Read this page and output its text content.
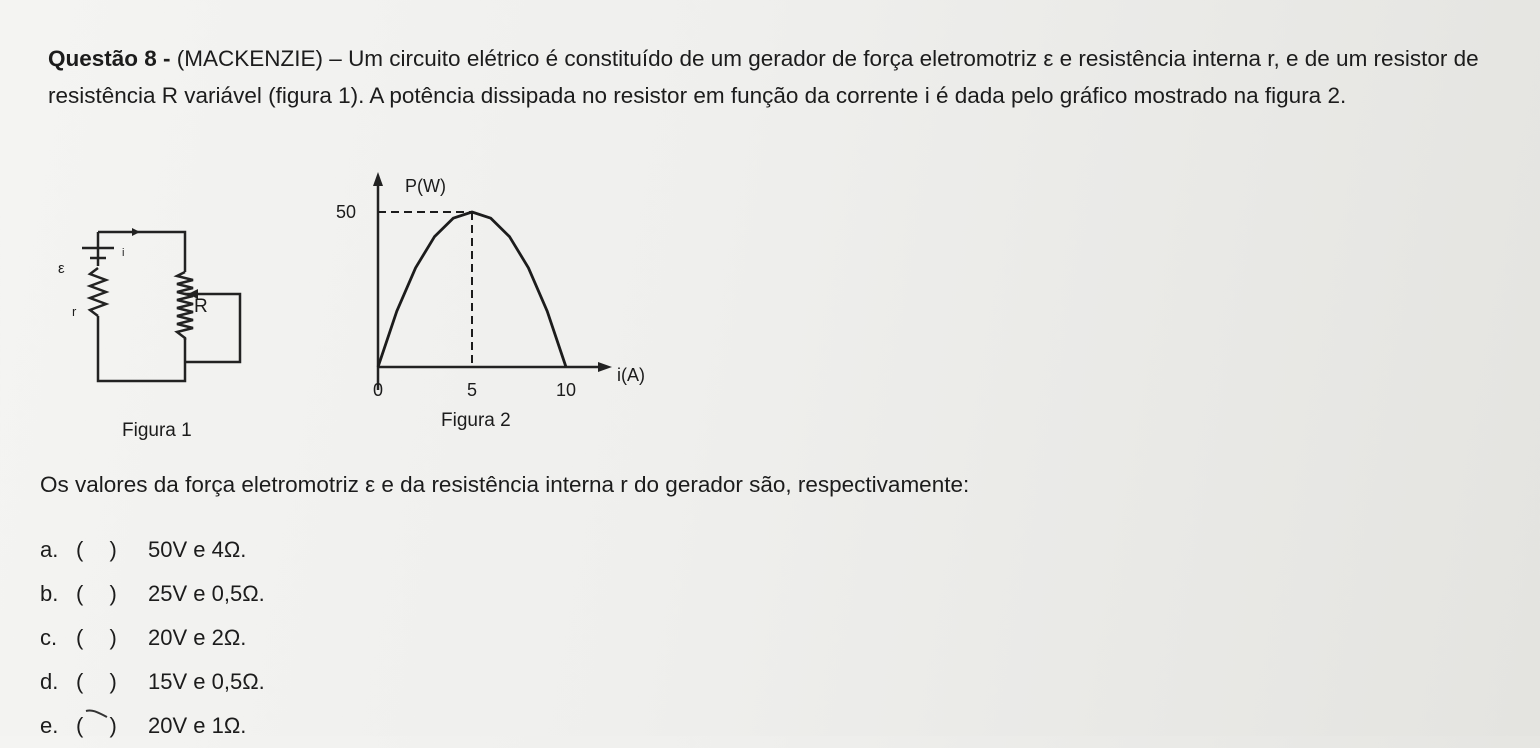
Questão 8 - (MACKENZIE) – Um circuito elétrico é constituído de um gerador de força eletromotriz ε e resistência interna r, e de um resistor de resistência R variável (figura 1). A potência dissipada no resistor em função da corrente i é dada pelo gráfico mostrado na figura 2.
ε
i
r	R
Figura 1
P(W)
i(A)
50
0	5	10
Figura 2
Os valores da força eletromotriz ε e da resistência interna r do gerador são, respectivamente:
a. ( ) 50V e 4Ω.
b. ( ) 25V e 0,5Ω.
c. ( ) 20V e 2Ω.
d. ( ) 15V e 0,5Ω.
e. ( ) 20V e 1Ω.
